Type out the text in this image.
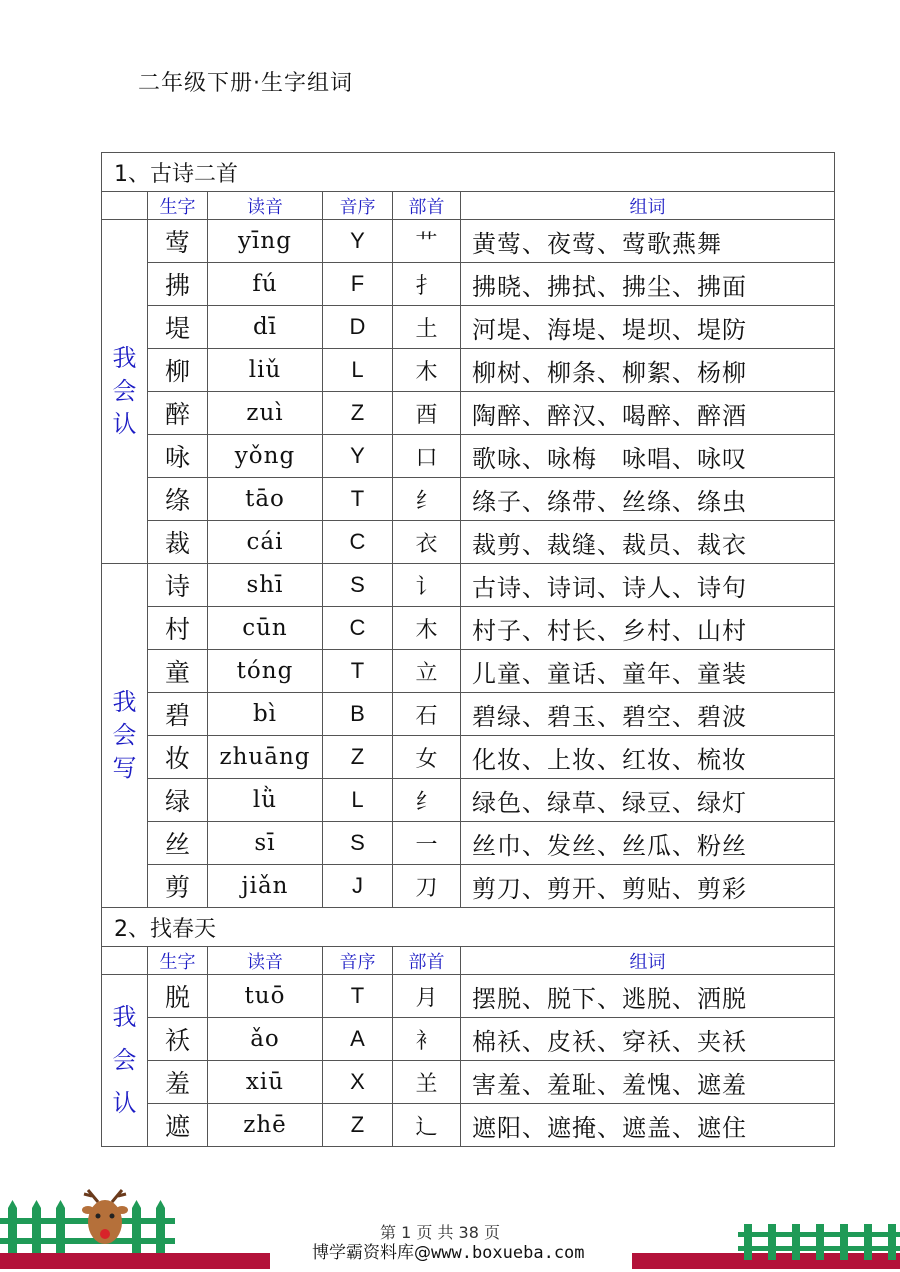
二年级下册·生字组词
1、古诗二首					
	生字	读音	音序	部首	组词
我会认	莺	yīng	Y	艹	黄莺、夜莺、莺歌燕舞
	拂	fú	F	扌	拂晓、拂拭、拂尘、拂面
	堤	dī	D	土	河堤、海堤、堤坝、堤防
	柳	liǔ	L	木	柳树、柳条、柳絮、杨柳
	醉	zuì	Z	酉	陶醉、醉汉、喝醉、醉酒
	咏	yǒng	Y	口	歌咏、咏梅　咏唱、咏叹
	绦	tāo	T	纟	绦子、绦带、丝绦、绦虫
	裁	cái	C	衣	裁剪、裁缝、裁员、裁衣
我会写	诗	shī	S	讠	古诗、诗词、诗人、诗句
	村	cūn	C	木	村子、村长、乡村、山村
	童	tóng	T	立	儿童、童话、童年、童装
	碧	bì	B	石	碧绿、碧玉、碧空、碧波
	妆	zhuāng	Z	女	化妆、上妆、红妆、梳妆
	绿	lǜ	L	纟	绿色、绿草、绿豆、绿灯
	丝	sī	S	一	丝巾、发丝、丝瓜、粉丝
	剪	jiǎn	J	刀	剪刀、剪开、剪贴、剪彩
2、找春天					
	生字	读音	音序	部首	组词
我会认	脱	tuō	T	月	摆脱、脱下、逃脱、洒脱
	袄	ǎo	A	衤	棉袄、皮袄、穿袄、夹袄
	羞	xiū	X	𦍌	害羞、羞耻、羞愧、遮羞
	遮	zhē	Z	辶	遮阳、遮掩、遮盖、遮住
第 1 页 共 38 页
博学霸资料库@www.boxueba.com
